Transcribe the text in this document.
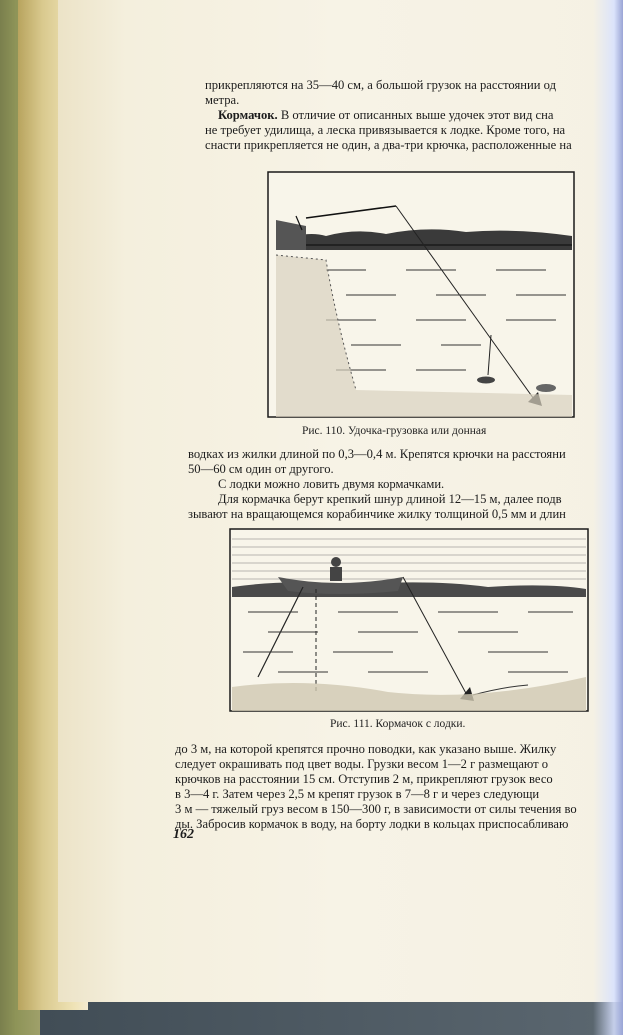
прикрепляются на 35—40 см, а большой грузок на расстоянии од
метра.
Кормачок. В отличие от описанных выше удочек этот вид сна
не требует удилища, а леска привязывается к лодке. Кроме того, на
снасти прикрепляется не один, а два-три крючка, расположенные на
Рис. 110. Удочка-грузовка или донная
водках из жилки длиной по 0,3—0,4 м. Крепятся крючки на расстояни
50—60 см один от другого.
С лодки можно ловить двумя кормачками.
Для кормачка берут крепкий шнур длиной 12—15 м, далее подв
зывают на вращающемся корабинчике жилку толщиной 0,5 мм и длин
Рис. 111. Кормачок с лодки.
до 3 м, на которой крепятся прочно поводки, как указано выше. Жилку
следует окрашивать под цвет воды. Грузки весом 1—2 г размещают о
крючков на расстоянии 15 см. Отступив 2 м, прикрепляют грузок весо
в 3—4 г. Затем через 2,5 м крепят грузок в 7—8 г и через следующи
3 м — тяжелый груз весом в 150—300 г, в зависимости от силы течения во
ды. Забросив кормачок в воду, на борту лодки в кольцах приспосабливаю
162
